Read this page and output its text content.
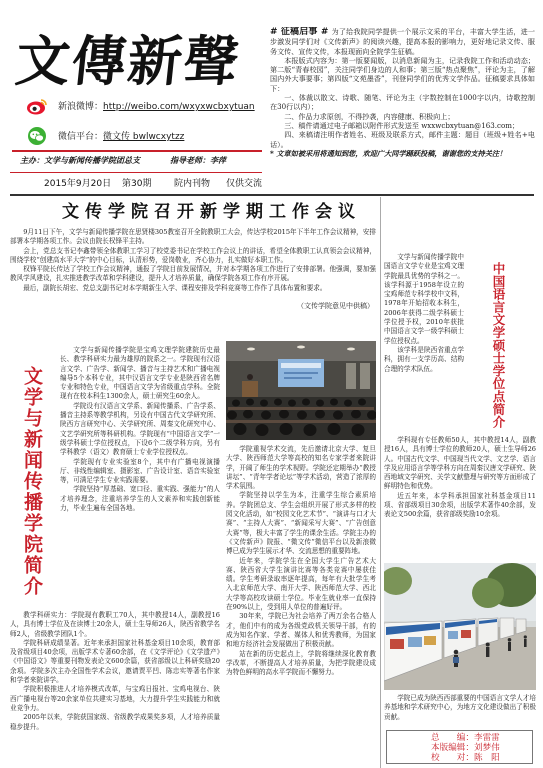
文傳新聲
新浪微博：http://weibo.com/wxyxwcbxytuan
微信平台：微文传 bwlwcxytzz
主办：文学与新闻传播学院团总支	指导老师：李萍
2015年9月20日 第30期	院内刊物 仅供交流

# 征稿启事 # 为了给我院同学提供一个展示文采的平台，丰富大学生活，进一步激发同学们对《文传新声》的阅读兴趣，提高本报的影响力，更好地记录文传、服务文传、宣传文传，本报现面向全院学生征稿。

本报版式内容为：第一版要闻版，以消息新闻为主，记录我院工作和活动动态；第二版“青春校园”，关注同学们身边的人和事；第三版“热点聚焦”，评论为主，了解国内外大事要事；第四版“文苑墨香”，刊登同学们的优秀文学作品。征稿要求具体如下：

一、体裁以散文、诗歌、随笔、评论为主（字数控制在1000字以内，诗歌控制在30行以内）；

二、作品力求原创，不得抄袭，内容健康、积极向上；

三、稿件请通过电子邮箱以附件形式发送至 wxxwcbxytuan@163.com；

四、来稿请注明作者姓名、班级及联系方式，邮件主题：题目（班级+姓名+电话）。

* 文章如被采用将通知到您，欢迎广大同学踊跃投稿，谢谢您的支持关注！

文传学院召开新学期工作会议

9月11日下午，文学与新闻传播学院在思贤楼305教室召开全院教职工大会，传达学校2015年下半年工作会议精神，安排部署本学期各项工作。会议由院长权锋平主持。

会上，党总支书记李鑫带领全体教职工学习了校党委书记在学校工作会议上的讲话，希望全体教职工认真领会会议精神，围绕学校“创建高水平大学”的中心目标，认清形势，爱岗敬业，齐心协力，扎实做好本职工作。

权锋平院长传达了学校工作会议精神，通报了学院目前发展情况，并对本学期各项工作进行了安排部署。他强调，要加强教风学风建设，扎实推进教学改革和学科建设，提升人才培养质量，确保学院各项工作有序开展。

最后，副院长胡宏、党总支副书记对本学期新生入学、课程安排及学科竞赛等工作作了具体布置和要求。

（文传学院意见中供稿）
文学与新闻传播学院简介

文学与新闻传播学院是宝鸡文理学院建院历史最长、教学科研实力最为雄厚的院系之一。学院现有汉语言文学、广告学、新闻学、播音与主持艺术和广播电视编导5个本科专业，其中汉语言文学专业是陕西省名牌专业和特色专业，中国语言文学为省级重点学科。全院现有在校本科生1300余人，硕士研究生60余人。

学院设有汉语言文学系、新闻传播系、广告学系、播音主持系等教学机构，另设有中国古代文学研究所、陕西方言研究中心、关学研究所、周秦文化研究中心、文艺学研究所等科研机构。学院现有“中国语言文学”一级学科硕士学位授权点，下设6个二级学科方向，另有学科教学（语文）教育硕士专业学位授权点。

学院现有专业实验室8个，其中有广播电视演播厅、非线性编辑室、摄影室、广告设计室、语音实验室等，可满足学生专业实践需要。

学院坚持“厚基础、宽口径、重实践、强能力”的人才培养理念，注重培养学生的人文素养和实践创新能力，毕业生遍布全国各地。

学院重视学术交流，先后邀请北京大学、复旦大学、陕西师范大学等高校的知名专家学者来院讲学，开阔了师生的学术视野。学院还定期举办“教授讲坛”、“青年学者论坛”等学术活动，营造了浓厚的学术氛围。

学院坚持以学生为本，注重学生综合素质培养。学院团总支、学生会组织开展了形式多样的校园文化活动，如“校园文化艺术节”、“演讲与口才大赛”、“主持人大赛”、“新闻采写大赛”、“广告创意大赛”等，极大丰富了学生的课余生活。学院主办的《文传新声》院报、“微文传”微信平台以及新浪微博已成为学生展示才华、交流思想的重要阵地。

近年来，学院学生在全国大学生广告艺术大赛、陕西省大学生演讲比赛等各类竞赛中屡获佳绩。学生考研录取率逐年提高，每年有大批学生考入北京师范大学、南开大学、陕西师范大学、西北大学等高校攻读硕士学位。毕业生就业率一直保持在90%以上，受到用人单位的普遍好评。

30年来，学院已为社会培养了两万余名合格人才，他们中有的成为各级党政机关领导干部，有的成为知名作家、学者、媒体人和优秀教师，为国家和地方经济社会发展做出了积极贡献。

站在新的历史起点上，学院将继续深化教育教学改革，不断提高人才培养质量，为把学院建设成为特色鲜明的高水平学院而不懈努力。

教学科研实力：学院现有教职工70人，其中教授14人，副教授16人，具有博士学位及在读博士20余人，硕士生导师26人，陕西省教学名师2人，省级教学团队1个。

学院科研成绩显著。近年来承担国家社科基金项目10余项，教育部及省级项目40余项，出版学术专著60余部，在《文学评论》《文学遗产》《中国语文》等重要刊物发表论文600余篇，获省部级以上科研奖励20余项。学院多次主办全国性学术会议，邀请贾平凹、陈忠实等著名作家和学者来院讲学。

学院积极推进人才培养模式改革，与宝鸡日报社、宝鸡电视台、陕西广播电视台等20余家单位共建实习基地，大力提升学生实践能力和就业竞争力。

2005年以来，学院获国家级、省级教学成果奖多项，人才培养质量稳步提升。

文学与新闻传播学院中国语言文学专业是宝鸡文理学院最具优势的学科之一。该学科源于1958年设立的宝鸡师范专科学校中文科，1978年开始招收本科生，2006年获得二级学科硕士学位授予权，2010年获批中国语言文学一级学科硕士学位授权点。

该学科是陕西省重点学科，拥有一支学历高、结构合理的学术队伍。	中国语言文学硕士学位点简介

学科现有专任教师50人，其中教授14人，副教授16人，具有博士学位的教师20人，硕士生导师26人。中国古代文学、中国现当代文学、文艺学、语言学及应用语言学等学科方向在周秦汉唐文学研究、陕西地域文学研究、关学文献整理与研究等方面形成了鲜明特色和优势。

近五年来，本学科承担国家社科基金项目11项、省部级项目30余项，出版学术著作40余部，发表论文500余篇，获省部级奖励10余项。

学院已成为陕西西部重要的中国语言文学人才培养基地和学术研究中心，为地方文化建设做出了积极贡献。

总　　编：李雷雷
本版编辑：刘梦伟
校　　对：陈　阳
